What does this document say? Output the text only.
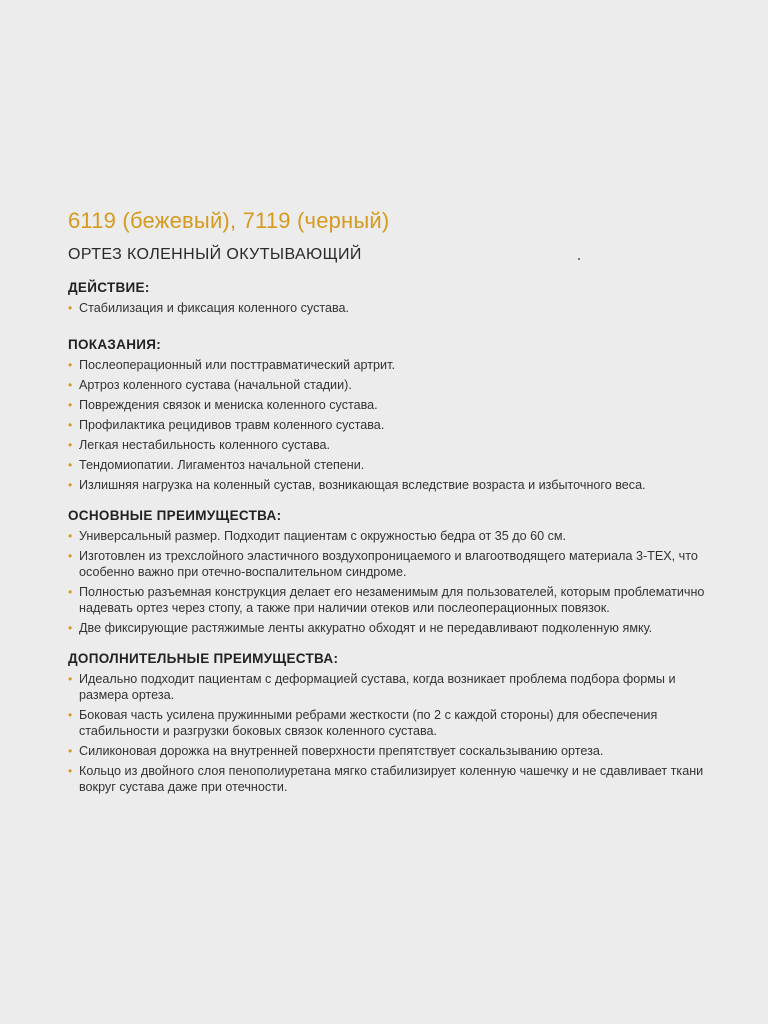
6119 (бежевый), 7119 (черный)
ОРТЕЗ КОЛЕННЫЙ ОКУТЫВАЮЩИЙ
ДЕЙСТВИЕ:
• Стабилизация и фиксация коленного сустава.
ПОКАЗАНИЯ:
• Послеоперационный или посттравматический артрит.
• Артроз коленного сустава (начальной стадии).
• Повреждения связок и мениска коленного сустава.
• Профилактика рецидивов травм коленного сустава.
• Легкая нестабильность коленного сустава.
• Тендомиопатии. Лигаментоз начальной степени.
• Излишняя нагрузка на коленный сустав, возникающая вследствие возраста и избыточного веса.
ОСНОВНЫЕ ПРЕИМУЩЕСТВА:
• Универсальный размер. Подходит пациентам с окружностью бедра от 35 до 60 см.
• Изготовлен из трехслойного эластичного воздухопроницаемого и влагоотводящего материала 3-TEX, что особенно важно при отечно-воспалительном синдроме.
• Полностью разъемная конструкция делает его незаменимым для пользователей, которым проблематично надевать ортез через стопу, а также при наличии отеков или послеоперационных повязок.
• Две фиксирующие растяжимые ленты аккуратно обходят и не передавливают подколенную ямку.
ДОПОЛНИТЕЛЬНЫЕ ПРЕИМУЩЕСТВА:
• Идеально подходит пациентам с деформацией сустава, когда возникает проблема подбора формы и размера ортеза.
• Боковая часть усилена пружинными ребрами жесткости (по 2 с каждой стороны) для обеспечения стабильности и разгрузки боковых связок коленного сустава.
• Силиконовая дорожка на внутренней поверхности препятствует соскальзыванию ортеза.
• Кольцо из двойного слоя пенополиуретана мягко стабилизирует коленную чашечку и не сдавливает ткани вокруг сустава даже при отечности.
